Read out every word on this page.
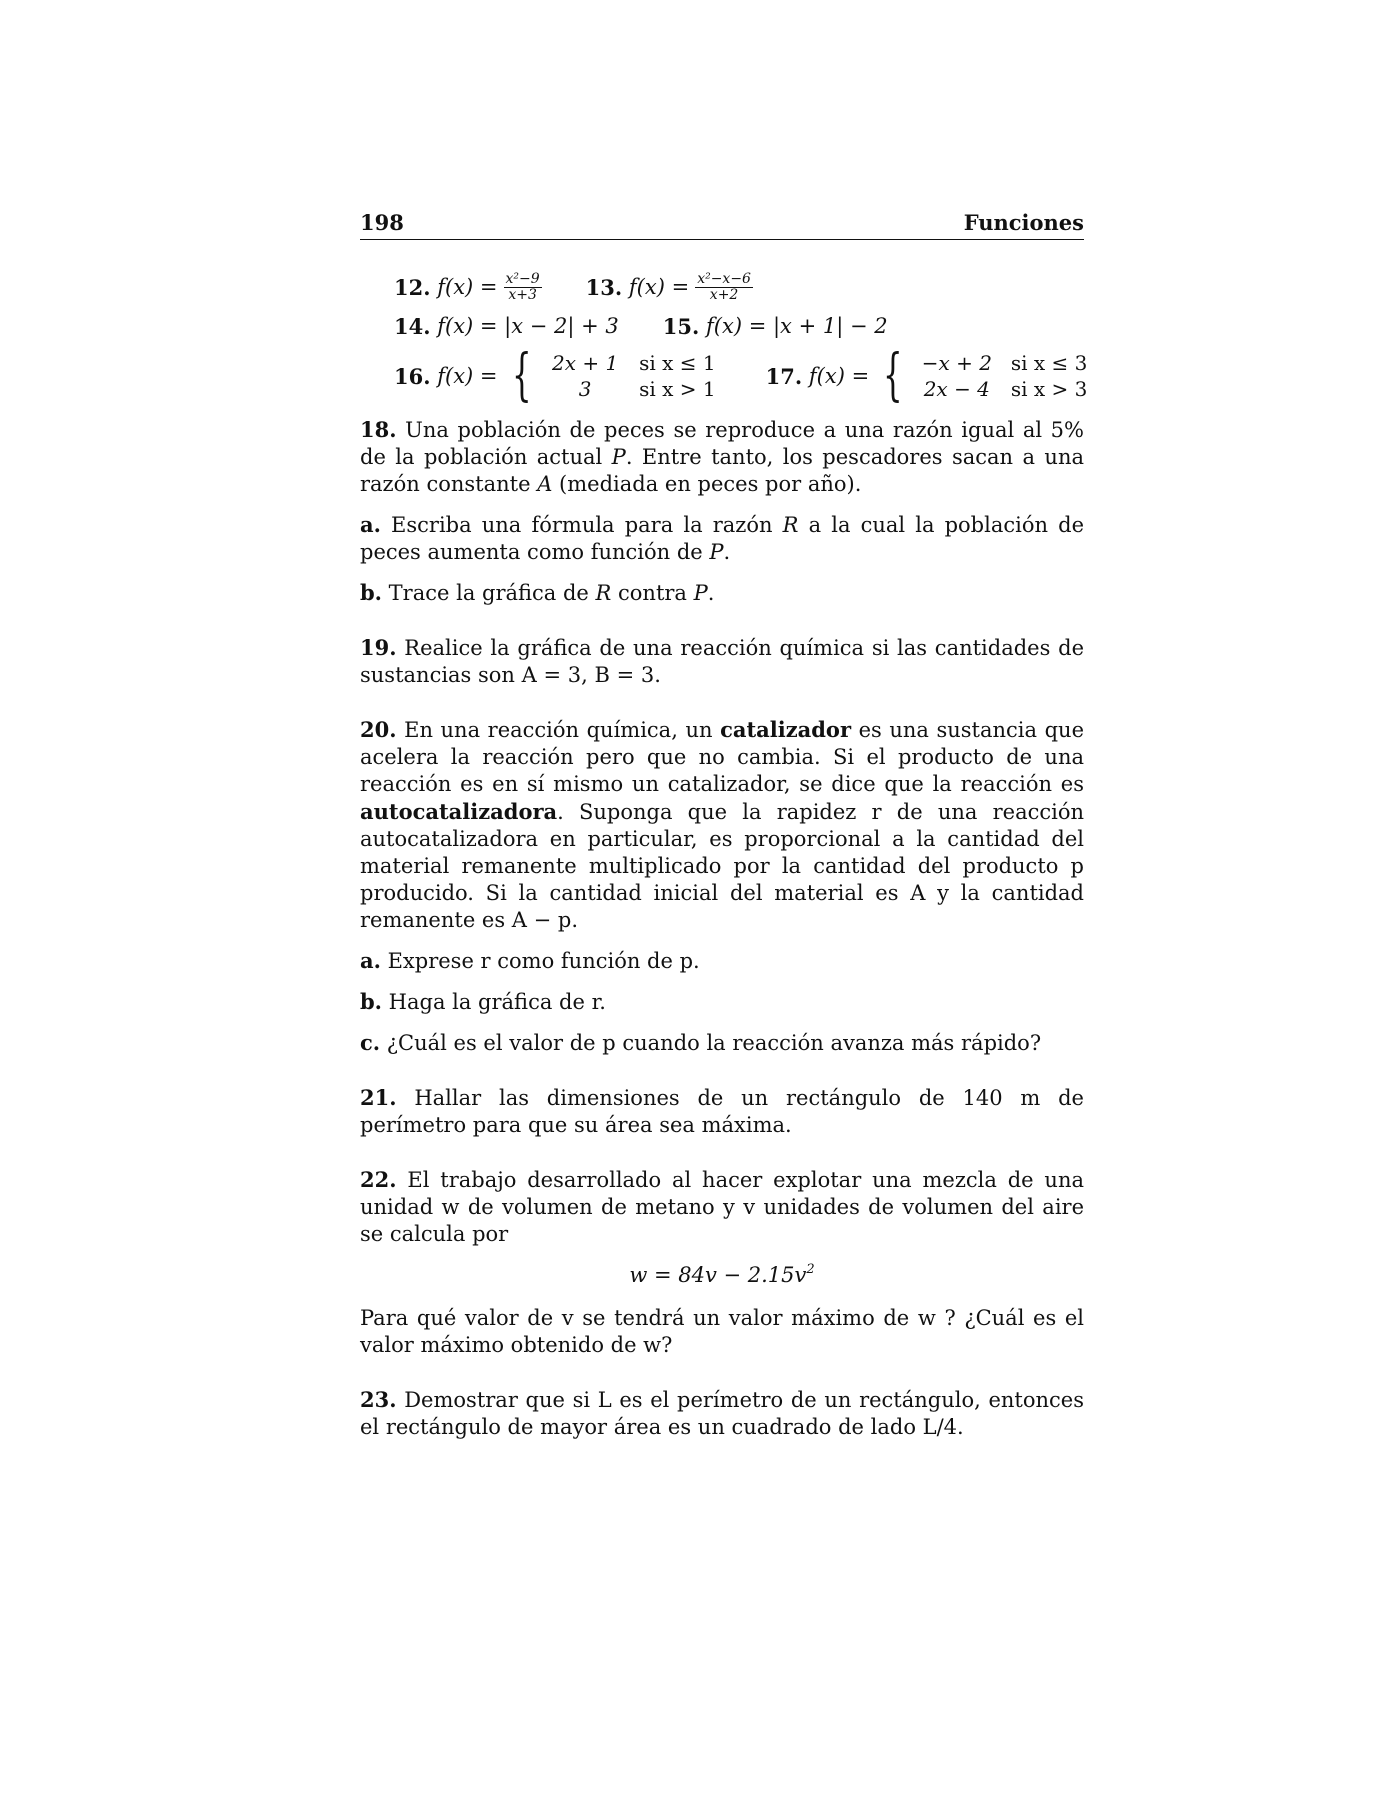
198	Funciones
12.
$f(x) = \frac{\text{x²−9}}{x+3} 13$.
$f(x) = \frac{\text{x²−x−6}}{x+2}$
14.
f(x) = |x − 2| + 3 15.
f(x) = |x + 1| − 2
16.
f(x) = {	2x + 1	si x ≤ 1
3	si x > 1
17.
f(x) = { −x + 2 si x ≤ 3
2x − 4	si x > 3

18. Una población de peces se reproduce a una razón igual al 5% de la población actual P. Entre tanto, los pescadores sacan a una razón constante A (mediada en peces por año).

a. Escriba una fórmula para la razón R a la cual la población de peces aumenta como función de P.

b. Trace la gráfica de R contra P.

19. Realice la gráfica de una reacción química si las cantidades de sustancias son A = 3, B = 3.

20. En una reacción química, un catalizador es una sustancia que acelera la reacción pero que no cambia. Si el producto de una reacción es en sí mismo un catalizador, se dice que la reacción es autocatalizadora. Suponga que la rapidez r de una reacción autocatalizadora en particular, es proporcional a la cantidad del material remanente multiplicado por la cantidad del producto p producido. Si la cantidad inicial del material es A y la cantidad remanente es A − p.

a. Exprese r como función de p.

b. Haga la gráfica de r.

c. ¿Cuál es el valor de p cuando la reacción avanza más rápido?

21. Hallar las dimensiones de un rectángulo de 140 m de perímetro para que su área sea máxima.

22. El trabajo desarrollado al hacer explotar una mezcla de una unidad w de volumen de metano y v unidades de volumen del aire se calcula por

$w = 84v - 2.15v^2$

Para qué valor de v se tendrá un valor máximo de w ? ¿Cuál es el valor máximo obtenido de w?

23. Demostrar que si L es el perímetro de un rectángulo, entonces el rectángulo de mayor área es un cuadrado de lado L/4.
